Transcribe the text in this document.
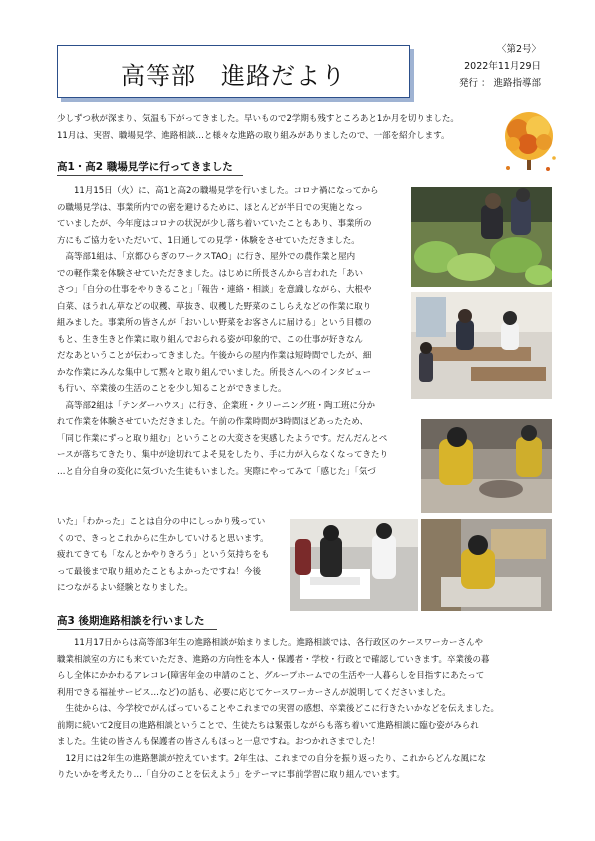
高等部　進路だより
〈第2号〉
2022年11月29日
発行 ： 進路指導部

少しずつ秋が深まり、気温も下がってきました。早いもので2学期も残すところあと1か月を切りました。

11月は、実習、職場見学、進路相談…と様々な進路の取り組みがありましたので、一部を紹介します。

高1・高2 職場見学に行ってきました

11月15日（火）に、高1と高2の職場見学を行いました。コロナ禍になってから

の職場見学は、事業所内での密を避けるために、ほとんどが半日での実施となっ

ていましたが、今年度はコロナの状況が少し落ち着いていたこともあり、事業所の

方にもご協力をいただいて、1日通しての見学・体験をさせていただきました。

高等部1組は、「京都ひらぎのワークスTAO」に行き、屋外での農作業と屋内

での軽作業を体験させていただきました。はじめに所長さんから言われた「あい

さつ」「自分の仕事をやりきること」「報告・連絡・相談」を意識しながら、大根や

白菜、ほうれん草などの収穫、草抜き、収穫した野菜のこしらえなどの作業に取り

組みました。事業所の皆さんが「おいしい野菜をお客さんに届ける」という目標の

もと、生き生きと作業に取り組んでおられる姿が印象的で、この仕事が好きなん

だなあということが伝わってきました。午後からの屋内作業は短時間でしたが、細

かな作業にみんな集中して黙々と取り組んでいました。所長さんへのインタビュー

も行い、卒業後の生活のことを少し知ることができました。

高等部2組は「テンダーハウス」に行き、企業班・クリーニング班・陶工班に分か

れて作業を体験させていただきました。午前の作業時間が3時間ほどあったため、

「同じ作業にずっと取り組む」ということの大変さを実感したようです。だんだんとペ

ースが落ちてきたり、集中が途切れてよそ見をしたり、手に力が入らなくなってきたり

…と自分自身の変化に気づいた生徒もいました。実際にやってみて「感じた」「気づ

いた」「わかった」ことは自分の中にしっかり残ってい

くので、きっとこれからに生かしていけると思います。

疲れてきても「なんとかやりきろう」という気持ちをも

って最後まで取り組めたこともよかったですね！今後

につながるよい経験となりました。

高3 後期進路相談を行いました

11月17日からは高等部3年生の進路相談が始まりました。進路相談では、各行政区のケースワーカーさんや

職業相談室の方にも来ていただき、進路の方向性を本人・保護者・学校・行政とで確認していきます。卒業後の暮

らし全体にかかわるアレコレ(障害年金の申請のこと、グループホームでの生活や一人暮らしを目指すにあたって

利用できる福祉サービス…など)の話も、必要に応じてケースワーカーさんが説明してくださいました。

生徒からは、今学校でがんばっていることやこれまでの実習の感想、卒業後どこに行きたいかなどを伝えました。

前期に続いて2度目の進路相談ということで、生徒たちは緊張しながらも落ち着いて進路相談に臨む姿がみられ

ました。生徒の皆さんも保護者の皆さんもほっと一息ですね。おつかれさまでした！

12月には2年生の進路懇談が控えています。2年生は、これまでの自分を振り返ったり、これからどんな風にな

りたいかを考えたり…「自分のことを伝えよう」をテーマに事前学習に取り組んでいます。
